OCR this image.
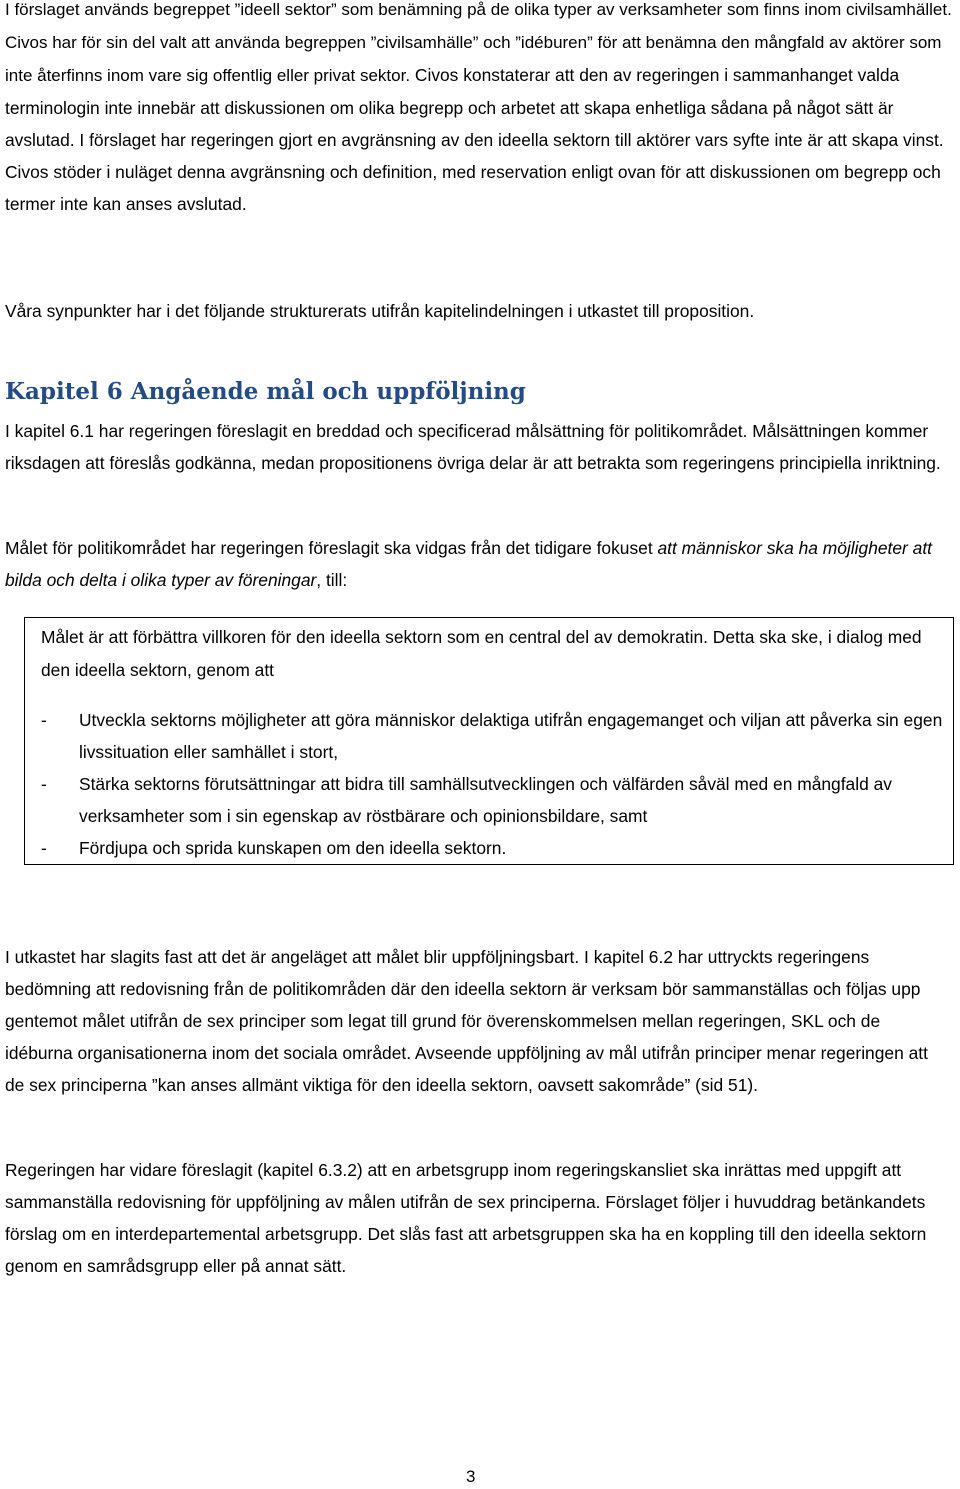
I förslaget används begreppet ”ideell sektor” som benämning på de olika typer av verksamheter som finns inom civilsamhället. Civos har för sin del valt att använda begreppen ”civilsamhälle” och ”idéburen” för att benämna den mångfald av aktörer som inte återfinns inom vare sig offentlig eller privat sektor. Civos konstaterar att den av regeringen i sammanhanget valda terminologin inte innebär att diskussionen om olika begrepp och arbetet att skapa enhetliga sådana på något sätt är avslutad. I förslaget har regeringen gjort en avgränsning av den ideella sektorn till aktörer vars syfte inte är att skapa vinst. Civos stöder i nuläget denna avgränsning och definition, med reservation enligt ovan för att diskussionen om begrepp och termer inte kan anses avslutad.

Våra synpunkter har i det följande strukturerats utifrån kapitelindelningen i utkastet till proposition.

Kapitel 6 Angående mål och uppföljning

I kapitel 6.1 har regeringen föreslagit en breddad och specificerad målsättning för politikområdet. Målsättningen kommer riksdagen att föreslås godkänna, medan propositionens övriga delar är att betrakta som regeringens principiella inriktning.

Målet för politikområdet har regeringen föreslagit ska vidgas från det tidigare fokuset att människor ska ha möjligheter att bilda och delta i olika typer av föreningar, till:

Målet är att förbättra villkoren för den ideella sektorn som en central del av demokratin. Detta ska ske, i dialog med den ideella sektorn, genom att

- Utveckla sektorns möjligheter att göra människor delaktiga utifrån engagemanget och viljan att påverka sin egen livssituation eller samhället i stort,
- Stärka sektorns förutsättningar att bidra till samhällsutvecklingen och välfärden såväl med en mångfald av verksamheter som i sin egenskap av röstbärare och opinionsbildare, samt
- Fördjupa och sprida kunskapen om den ideella sektorn.

I utkastet har slagits fast att det är angeläget att målet blir uppföljningsbart. I kapitel 6.2 har uttryckts regeringens bedömning att redovisning från de politikområden där den ideella sektorn är verksam bör sammanställas och följas upp gentemot målet utifrån de sex principer som legat till grund för överenskommelsen mellan regeringen, SKL och de idéburna organisationerna inom det sociala området. Avseende uppföljning av mål utifrån principer menar regeringen att de sex principerna ”kan anses allmänt viktiga för den ideella sektorn, oavsett sakområde” (sid 51).

Regeringen har vidare föreslagit (kapitel 6.3.2) att en arbetsgrupp inom regeringskansliet ska inrättas med uppgift att sammanställa redovisning för uppföljning av målen utifrån de sex principerna. Förslaget följer i huvuddrag betänkandets förslag om en interdepartemental arbetsgrupp. Det slås fast att arbetsgruppen ska ha en koppling till den ideella sektorn genom en samrådsgrupp eller på annat sätt.

3
